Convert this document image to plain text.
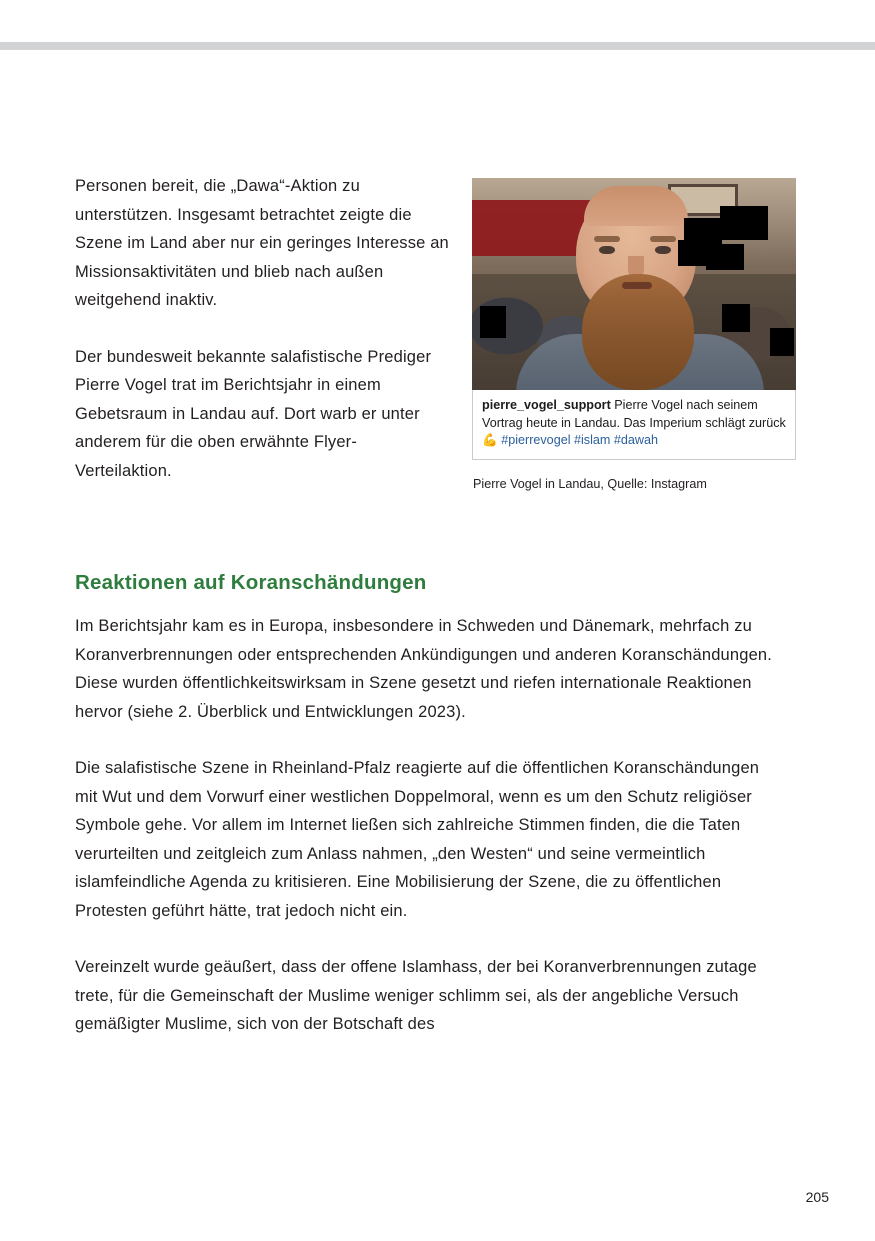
Personen bereit, die „Dawa“-Aktion zu unterstützen. Insgesamt betrachtet zeigte die Szene im Land aber nur ein geringes Interesse an Missionsaktivitäten und blieb nach außen weitgehend inaktiv.

Der bundesweit bekannte salafistische Prediger Pierre Vogel trat im Berichtsjahr in einem Gebetsraum in Landau auf. Dort warb er unter anderem für die oben erwähnte Flyer-Verteilaktion.

pierre_vogel_support Pierre Vogel nach seinem Vortrag heute in Landau. Das Imperium schlägt zurück 💪 #pierrevogel #islam #dawah
Pierre Vogel in Landau, Quelle: Instagram
Reaktionen auf Koranschändungen

Im Berichtsjahr kam es in Europa, insbesondere in Schweden und Dänemark, mehrfach zu Koranverbrennungen oder entsprechenden Ankündigungen und anderen Koranschändungen. Diese wurden öffentlichkeitswirksam in Szene gesetzt und riefen internationale Reaktionen hervor (siehe 2. Überblick und Entwicklungen 2023).

Die salafistische Szene in Rheinland-Pfalz reagierte auf die öffentlichen Koranschändungen mit Wut und dem Vorwurf einer westlichen Doppelmoral, wenn es um den Schutz religiöser Symbole gehe. Vor allem im Internet ließen sich zahlreiche Stimmen finden, die die Taten verurteilten und zeitgleich zum Anlass nahmen, „den Westen“ und seine vermeintlich islamfeindliche Agenda zu kritisieren. Eine Mobilisierung der Szene, die zu öffentlichen Protesten geführt hätte, trat jedoch nicht ein.

Vereinzelt wurde geäußert, dass der offene Islamhass, der bei Koranverbrennungen zutage trete, für die Gemeinschaft der Muslime weniger schlimm sei, als der angebliche Versuch gemäßigter Muslime, sich von der Botschaft des

205
